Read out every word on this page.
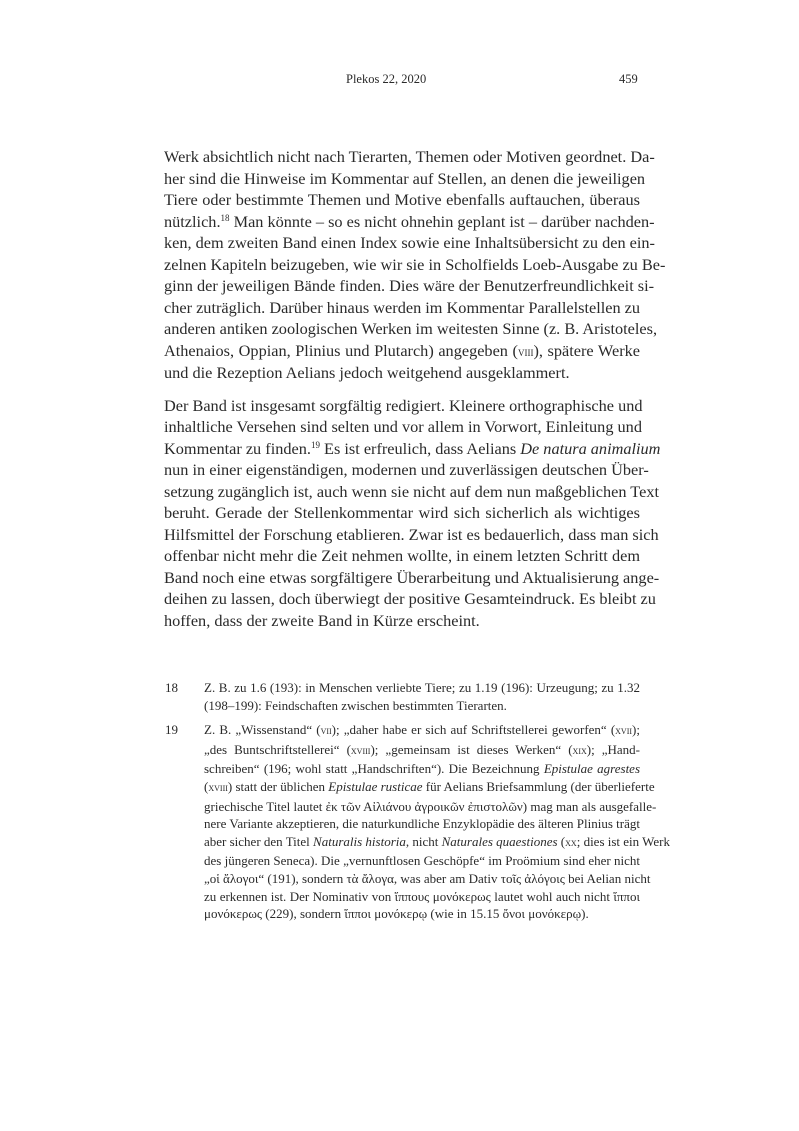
Plekos 22, 2020	459

Werk absichtlich nicht nach Tierarten, Themen oder Motiven geordnet. Da-
her sind die Hinweise im Kommentar auf Stellen, an denen die jeweiligen
Tiere oder bestimmte Themen und Motive ebenfalls auftauchen, überaus
nützlich.$^{18}$ Man könnte – so es nicht ohnehin geplant ist – darüber nachden-
ken, dem zweiten Band einen Index sowie eine Inhaltsübersicht zu den ein-
zelnen Kapiteln beizugeben, wie wir sie in Scholfields Loeb-Ausgabe zu Be-
ginn der jeweiligen Bände finden. Dies wäre der Benutzerfreundlichkeit si-
cher zuträglich. Darüber hinaus werden im Kommentar Parallelstellen zu
anderen antiken zoologischen Werken im weitesten Sinne (z. B. Aristoteles,
Athenaios, Oppian, Plinius und Plutarch) angegeben (viii), spätere Werke
und die Rezeption Aelians jedoch weitgehend ausgeklammert.

Der Band ist insgesamt sorgfältig redigiert. Kleinere orthographische und
inhaltliche Versehen sind selten und vor allem in Vorwort, Einleitung und
Kommentar zu finden.$^{19}$ Es ist erfreulich, dass Aelians De natura animalium
nun in einer eigenständigen, modernen und zuverlässigen deutschen Über-
setzung zugänglich ist, auch wenn sie nicht auf dem nun maßgeblichen Text
beruht. Gerade der Stellenkommentar wird sich sicherlich als wichtiges
Hilfsmittel der Forschung etablieren. Zwar ist es bedauerlich, dass man sich
offenbar nicht mehr die Zeit nehmen wollte, in einem letzten Schritt dem
Band noch eine etwas sorgfältigere Überarbeitung und Aktualisierung ange-
deihen zu lassen, doch überwiegt der positive Gesamteindruck. Es bleibt zu
hoffen, dass der zweite Band in Kürze erscheint.

18 Z. B. zu 1.6 (193): in Menschen verliebte Tiere; zu 1.19 (196): Urzeugung; zu 1.32
(198–199): Feindschaften zwischen bestimmten Tierarten.
19 Z. B. „Wissenstand“ (vii); „daher habe er sich auf Schriftstellerei geworfen“ (xvii);
„des Buntschriftstellerei“ (xviii); „gemeinsam ist dieses Werken“ (xix); „Hand-
schreiben“ (196; wohl statt „Handschriften“). Die Bezeichnung Epistulae agrestes
(xviii) statt der üblichen Epistulae rusticae für Aelians Briefsammlung (der überlieferte
griechische Titel lautet ἐκ τῶν Αἰλιάνου ἀγροικῶν ἐπιστολῶν) mag man als ausgefalle-
nere Variante akzeptieren, die naturkundliche Enzyklopädie des älteren Plinius trägt
aber sicher den Titel Naturalis historia, nicht Naturales quaestiones (xx; dies ist ein Werk
des jüngeren Seneca). Die „vernunftlosen Geschöpfe“ im Proömium sind eher nicht
„οἱ ἄλογοι“ (191), sondern τὰ ἄλογα, was aber am Dativ τοῖς ἀλόγοις bei Aelian nicht
zu erkennen ist. Der Nominativ von ἵππους μονόκερως lautet wohl auch nicht ἵπποι
μονόκερως (229), sondern ἵπποι μονόκερῳ (wie in 15.15 ὄνοι μονόκερῳ).
